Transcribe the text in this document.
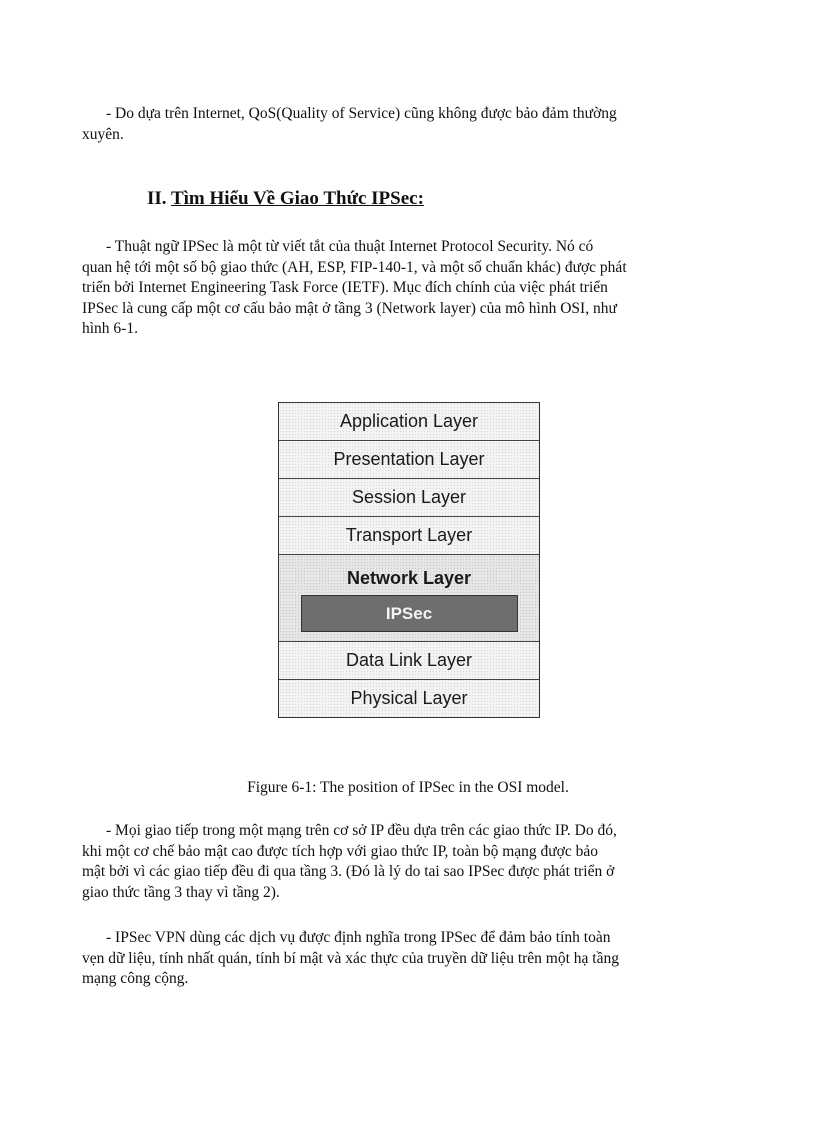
- Do dựa trên Internet, QoS(Quality of Service) cũng không được bảo đảm thường
xuyên.

II. Tìm Hiểu Về Giao Thức IPSec:

- Thuật ngữ IPSec là một từ viết tắt của thuật Internet Protocol Security. Nó có
quan hệ tới một số bộ giao thức (AH, ESP, FIP-140-1, và một số chuẩn khác) được phát
triển bởi Internet Engineering Task Force (IETF). Mục đích chính của việc phát triển
IPSec là cung cấp một cơ cấu bảo mật ở tầng 3 (Network layer) của mô hình OSI, như
hình 6-1.

Application Layer
Presentation Layer
Session Layer
Transport Layer
Network Layer
IPSec
Data Link Layer
Physical Layer

Figure 6-1: The position of IPSec in the OSI model.

- Mọi giao tiếp trong một mạng trên cơ sở IP đều dựa trên các giao thức IP. Do đó,
khi một cơ chế bảo mật cao được tích hợp với giao thức IP, toàn bộ mạng được bảo
mật bởi vì các giao tiếp đều đi qua tầng 3. (Đó là lý do tai sao IPSec được phát triển ở
giao thức tầng 3 thay vì tầng 2).

- IPSec VPN dùng các dịch vụ được định nghĩa trong IPSec để đảm bảo tính toàn
vẹn dữ liệu, tính nhất quán, tính bí mật và xác thực của truyền dữ liệu trên một hạ tầng
mạng công cộng.
